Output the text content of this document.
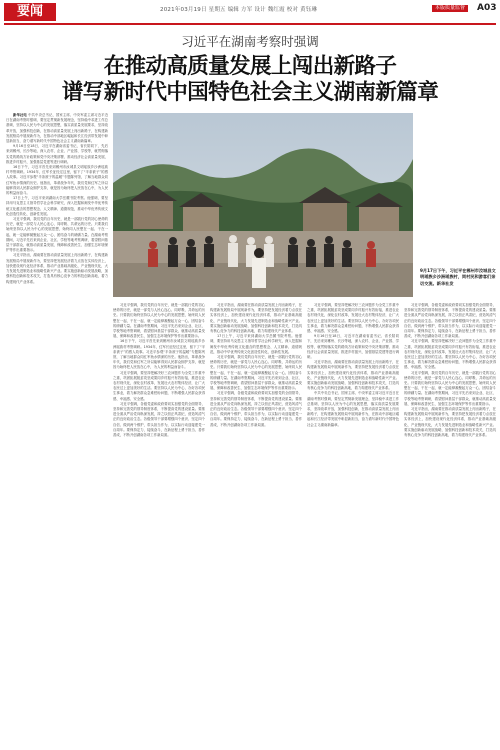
要闻	2021年03月19日 星期五 编辑 方军 设计 魏红霞 校对 黄钰琳	本版质量监督	A03
习近平在湖南考察时强调
在推动高质量发展上闯出新路子
谱写新时代中国特色社会主义湖南新篇章

新华社电 中共中央总书记、国家主席、中央军委主席习近平近日在湖南考察时强调，要坚定贯彻新发展理念，坚持稳中求进工作总基调，坚持以人民为中心的发展思想，落实高质量发展要求，坚持改革开放，加强科技创新，在推动高质量发展上闯出新路子，在构建新发展格局中展现新作为，在推动中部地区崛起和长江经济带发展中彰显新担当，奋力谱写新时代中国特色社会主义湖南新篇章。

9月16日至18日，习近平在湖南省委书记、省长陪同下，先后来到郴州、长沙等地，深入农村、企业、产业园、学校等，就贯彻落实党的路线方针政策和党中央决策部署、推动经济社会高质量发展、推进乡村振兴、加强基层党建等进行调研。

16日下午，习近平首先来到郴州市汝城县文明瑶族乡沙洲瑶族村考察调研。1934年，红军长征经过这里，留下了“半条被子”的感人故事。习近平参观“半条被子的温暖”专题陈列馆，了解当地群众同红军鱼水情深的历史。他指出，革命战争年代，我们党和红军之所以能够得到人民群众拥护支持，就是因为始终把人民放在心中，为人民的利益而奋斗。

17日上午，习近平来到湖南大学岳麓书院考察。他强调，要坚持用马克思主义指导哲学社会科学研究，深入挖掘和阐发中华优秀传统文化蕴含的思想观念、人文精神、道德规范，推动中华优秀传统文化创造性转化、创新性发展。

习近平强调，我们党的百年历史，就是一部践行党的初心使命的历史，就是一部党与人民心连心、同呼吸、共命运的历史。只要我们始终坚持以人民为中心的发展思想，始终同人民想在一起、干在一起，就一定能够凝聚起万众一心、团结奋斗的磅礴力量。在湖南考察期间，习近平先后来到企业、社区、学校等地考察调研，看望慰问基层干部群众，就推动高质量发展、保障和改善民生、加强生态环境保护等作出重要指示。

习近平指出，湖南要在推动高质量发展上闯出新路子，在构建新发展格局中展现新作为，要坚持把发展经济着力点放在实体经济上，加快建设现代化经济体系，推动产业基础高级化、产业链现代化，大力发展先进制造业和战略性新兴产业。要实施创新驱动发展战略，加强科技创新和技术攻关，打造具有核心竞争力的科技创新高地，着力构建现代产业体系。

9月17日下午，习近平在郴州市汝城县文明瑶族乡沙洲瑶族村，同村民和游客们亲切交流。新华社发

习近平强调，我们党的百年历史，就是一部践行党的初心使命的历史，就是一部党与人民心连心、同呼吸、共命运的历史。只要我们始终坚持以人民为中心的发展思想，始终同人民想在一起、干在一起，就一定能够凝聚起万众一心、团结奋斗的磅礴力量。在湖南考察期间，习近平先后来到企业、社区、学校等地考察调研，看望慰问基层干部群众，就推动高质量发展、保障和改善民生、加强生态环境保护等作出重要指示。

16日下午，习近平首先来到郴州市汝城县文明瑶族乡沙洲瑶族村考察调研。1934年，红军长征经过这里，留下了“半条被子”的感人故事。习近平参观“半条被子的温暖”专题陈列馆，了解当地群众同红军鱼水情深的历史。他指出，革命战争年代，我们党和红军之所以能够得到人民群众拥护支持，就是因为始终把人民放在心中，为人民的利益而奋斗。

习近平强调，要坚持把解决好三农问题作为全党工作重中之重，巩固拓展脱贫攻坚成果同乡村振兴有效衔接，推进农业农村现代化，深化农村改革，发展壮大农村集体经济，让广大农民过上更加美好的生活。要坚持以人民为中心，办好各项民生事业，着力解决群众急难愁盼问题，不断增强人民群众获得感、幸福感、安全感。

习近平强调，各级党委和政府要切实加强党的全面领导，坚持和完善党的领导制度体系，不断提高党的建设质量。要推进全面从严治党向纵深发展，持之以恒正风肃纪，营造风清气正的良好政治生态。各级领导干部要增强四个意识、坚定四个自信、做到两个维护，带头担当作为，以实际行动迎接建党一百周年。要保持定力、接续奋斗，在新征程上勇于担当、善作善成，不断开创湖南各项工作新局面。

习近平指出，湖南要在推动高质量发展上闯出新路子，在构建新发展格局中展现新作为，要坚持把发展经济着力点放在实体经济上，加快建设现代化经济体系，推动产业基础高级化、产业链现代化，大力发展先进制造业和战略性新兴产业。要实施创新驱动发展战略，加强科技创新和技术攻关，打造具有核心竞争力的科技创新高地，着力构建现代产业体系。

17日上午，习近平来到湖南大学岳麓书院考察。他强调，要坚持用马克思主义指导哲学社会科学研究，深入挖掘和阐发中华优秀传统文化蕴含的思想观念、人文精神、道德规范，推动中华优秀传统文化创造性转化、创新性发展。

习近平强调，我们党的百年历史，就是一部践行党的初心使命的历史，就是一部党与人民心连心、同呼吸、共命运的历史。只要我们始终坚持以人民为中心的发展思想，始终同人民想在一起、干在一起，就一定能够凝聚起万众一心、团结奋斗的磅礴力量。在湖南考察期间，习近平先后来到企业、社区、学校等地考察调研，看望慰问基层干部群众，就推动高质量发展、保障和改善民生、加强生态环境保护等作出重要指示。

习近平强调，各级党委和政府要切实加强党的全面领导，坚持和完善党的领导制度体系，不断提高党的建设质量。要推进全面从严治党向纵深发展，持之以恒正风肃纪，营造风清气正的良好政治生态。各级领导干部要增强四个意识、坚定四个自信、做到两个维护，带头担当作为，以实际行动迎接建党一百周年。要保持定力、接续奋斗，在新征程上勇于担当、善作善成，不断开创湖南各项工作新局面。

习近平强调，要坚持把解决好三农问题作为全党工作重中之重，巩固拓展脱贫攻坚成果同乡村振兴有效衔接，推进农业农村现代化，深化农村改革，发展壮大农村集体经济，让广大农民过上更加美好的生活。要坚持以人民为中心，办好各项民生事业，着力解决群众急难愁盼问题，不断增强人民群众获得感、幸福感、安全感。

9月16日至18日，习近平在湖南省委书记、省长陪同下，先后来到郴州、长沙等地，深入农村、企业、产业园、学校等，就贯彻落实党的路线方针政策和党中央决策部署、推动经济社会高质量发展、推进乡村振兴、加强基层党建等进行调研。

习近平指出，湖南要在推动高质量发展上闯出新路子，在构建新发展格局中展现新作为，要坚持把发展经济着力点放在实体经济上，加快建设现代化经济体系，推动产业基础高级化、产业链现代化，大力发展先进制造业和战略性新兴产业。要实施创新驱动发展战略，加强科技创新和技术攻关，打造具有核心竞争力的科技创新高地，着力构建现代产业体系。

中共中央总书记、国家主席、中央军委主席习近平近日在湖南考察时强调，要坚定贯彻新发展理念，坚持稳中求进工作总基调，坚持以人民为中心的发展思想，落实高质量发展要求，坚持改革开放，加强科技创新，在推动高质量发展上闯出新路子，在构建新发展格局中展现新作为，在推动中部地区崛起和长江经济带发展中彰显新担当，奋力谱写新时代中国特色社会主义湖南新篇章。

习近平强调，各级党委和政府要切实加强党的全面领导，坚持和完善党的领导制度体系，不断提高党的建设质量。要推进全面从严治党向纵深发展，持之以恒正风肃纪，营造风清气正的良好政治生态。各级领导干部要增强四个意识、坚定四个自信、做到两个维护，带头担当作为，以实际行动迎接建党一百周年。要保持定力、接续奋斗，在新征程上勇于担当、善作善成，不断开创湖南各项工作新局面。

习近平强调，要坚持把解决好三农问题作为全党工作重中之重，巩固拓展脱贫攻坚成果同乡村振兴有效衔接，推进农业农村现代化，深化农村改革，发展壮大农村集体经济，让广大农民过上更加美好的生活。要坚持以人民为中心，办好各项民生事业，着力解决群众急难愁盼问题，不断增强人民群众获得感、幸福感、安全感。

习近平强调，我们党的百年历史，就是一部践行党的初心使命的历史，就是一部党与人民心连心、同呼吸、共命运的历史。只要我们始终坚持以人民为中心的发展思想，始终同人民想在一起、干在一起，就一定能够凝聚起万众一心、团结奋斗的磅礴力量。在湖南考察期间，习近平先后来到企业、社区、学校等地考察调研，看望慰问基层干部群众，就推动高质量发展、保障和改善民生、加强生态环境保护等作出重要指示。

习近平指出，湖南要在推动高质量发展上闯出新路子，在构建新发展格局中展现新作为，要坚持把发展经济着力点放在实体经济上，加快建设现代化经济体系，推动产业基础高级化、产业链现代化，大力发展先进制造业和战略性新兴产业。要实施创新驱动发展战略，加强科技创新和技术攻关，打造具有核心竞争力的科技创新高地，着力构建现代产业体系。
